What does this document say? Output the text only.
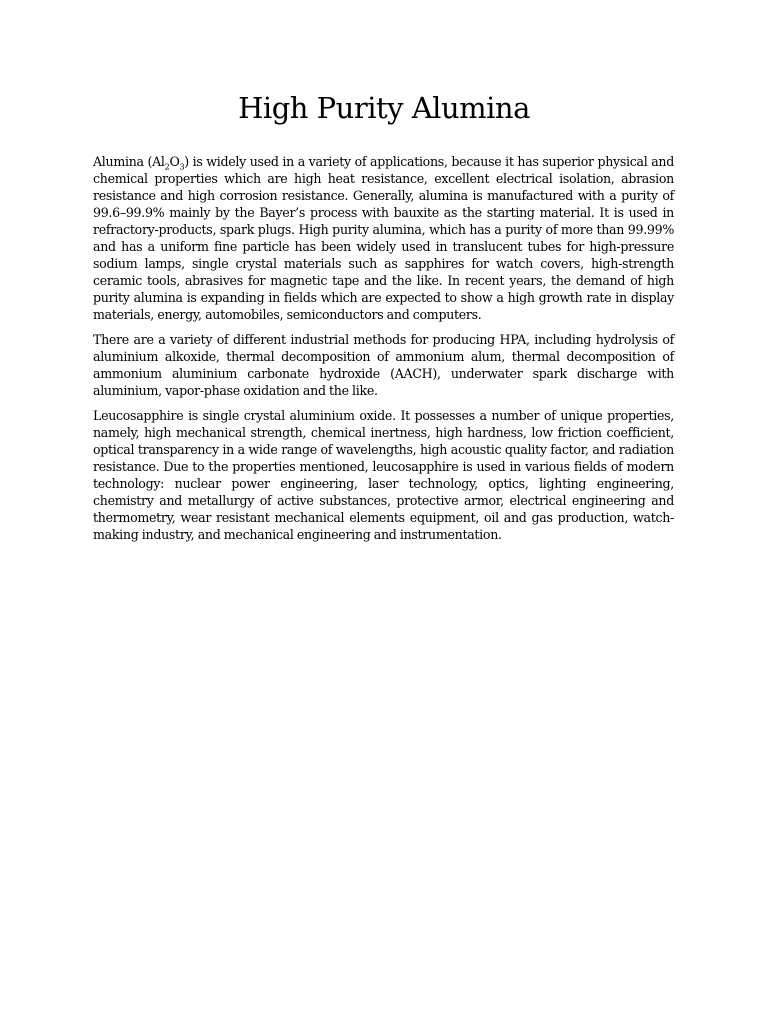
High Purity Alumina

Alumina $(Al_2O_3)$ is widely used in a variety of applications, because it has superior physical and chemical properties which are high heat resistance, excellent electrical isolation, abrasion resistance and high corrosion resistance. Generally, alumina is manufactured with a purity of 99.6–99.9% mainly by the Bayer’s process with bauxite as the starting material. It is used in refractory-products, spark plugs. High purity alumina, which has a purity of more than 99.99% and has a uniform fine particle has been widely used in translucent tubes for high-pressure sodium lamps, single crystal materials such as sapphires for watch covers, high-strength ceramic tools, abrasives for magnetic tape and the like. In recent years, the demand of high purity alumina is expanding in fields which are expected to show a high growth rate in display materials, energy, automobiles, semiconductors and computers.

There are a variety of different industrial methods for producing HPA, including hydrolysis of aluminium alkoxide, thermal decomposition of ammonium alum, thermal decomposition of ammonium aluminium carbonate hydroxide (AACH), underwater spark discharge with aluminium, vapor-phase oxidation and the like.

Leucosapphire is single crystal aluminium oxide. It possesses a number of unique properties, namely, high mechanical strength, chemical inertness, high hardness, low friction coefficient, optical transparency in a wide range of wavelengths, high acoustic quality factor, and radiation resistance. Due to the properties mentioned, leucosapphire is used in various fields of modern technology: nuclear power engineering, laser technology, optics, lighting engineering, chemistry and metallurgy of active substances, protective armor, electrical engineering and thermometry, wear resistant mechanical elements equipment, oil and gas production, watch-making industry, and mechanical engineering and instrumentation.
